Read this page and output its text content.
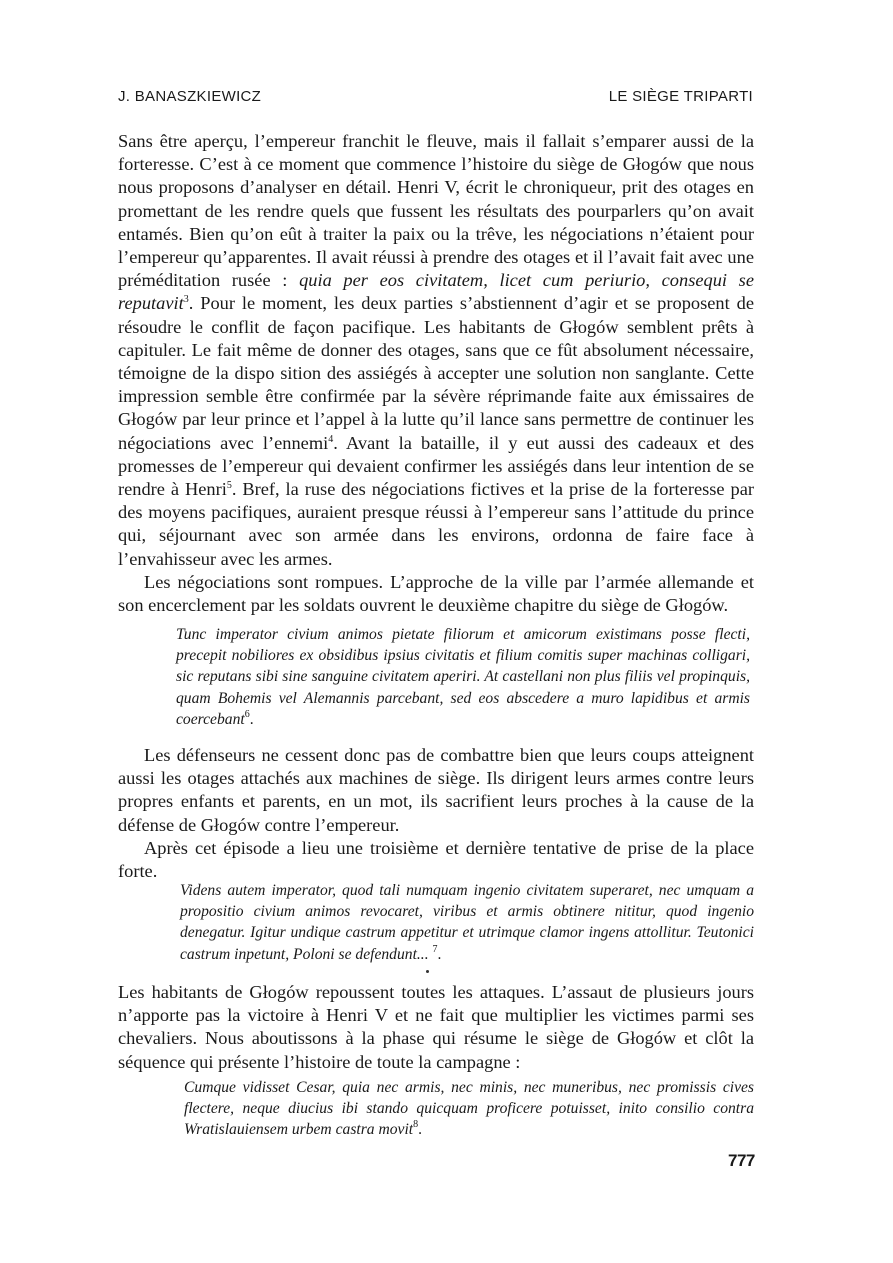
J. BANASZKIEWICZ	LE SIÈGE TRIPARTI

Sans être aperçu, l’empereur franchit le fleuve, mais il fallait s’emparer aussi de la forteresse. C’est à ce moment que commence l’histoire du siège de Głogów que nous nous proposons d’analyser en détail. Henri V, écrit le chroniqueur, prit des otages en promettant de les rendre quels que fussent les résultats des pourparlers qu’on avait entamés. Bien qu’on eût à traiter la paix ou la trêve, les négociations n’étaient pour l’empereur qu’apparentes. Il avait réussi à prendre des otages et il l’avait fait avec une préméditation rusée : quia per eos civitatem, licet cum periurio, consequi se reputavit$^3$. Pour le moment, les deux parties s’abstiennent d’agir et se proposent de résoudre le conflit de façon pacifique. Les habitants de Głogów semblent prêts à capituler. Le fait même de donner des otages, sans que ce fût absolument nécessaire, témoigne de la dispo sition des assiégés à accepter une solution non sanglante. Cette impression semble être confirmée par la sévère réprimande faite aux émissaires de Głogów par leur prince et l’appel à la lutte qu’il lance sans permettre de continuer les négociations avec l’ennemi$^4$. Avant la bataille, il y eut aussi des cadeaux et des promesses de l’empereur qui devaient confirmer les assiégés dans leur intention de se rendre à Henri$^5$. Bref, la ruse des négociations fictives et la prise de la forteresse par des moyens pacifiques, auraient presque réussi à l’empereur sans l’attitude du prince qui, séjournant avec son armée dans les environs, ordonna de faire face à l’envahisseur avec les armes.

Les négociations sont rompues. L’approche de la ville par l’armée allemande et son encerclement par les soldats ouvrent le deuxième chapitre du siège de Głogów.

Tunc imperator civium animos pietate filiorum et amicorum existimans posse flecti, precepit nobiliores ex obsidibus ipsius civitatis et filium comitis super machinas colligari, sic reputans sibi sine sanguine civitatem aperiri. At castellani non plus filiis vel propinquis, quam Bohemis vel Alemannis parcebant, sed eos abscedere a muro lapidibus et armis coercebant$^6$.

Les défenseurs ne cessent donc pas de combattre bien que leurs coups atteignent aussi les otages attachés aux machines de siège. Ils dirigent leurs armes contre leurs propres enfants et parents, en un mot, ils sacrifient leurs proches à la cause de la défense de Głogów contre l’empereur.

Après cet épisode a lieu une troisième et dernière tentative de prise de la place forte.

Videns autem imperator, quod tali numquam ingenio civitatem superaret, nec umquam a propositio civium animos revocaret, viribus et armis obtinere nititur, quod ingenio denegatur. Igitur undique castrum appetitur et utrimque clamor ingens attollitur. Teutonici castrum inpetunt, Poloni se defendunt... $^7$.

Les habitants de Głogów repoussent toutes les attaques. L’assaut de plusieurs jours n’apporte pas la victoire à Henri V et ne fait que multiplier les victimes parmi ses chevaliers. Nous aboutissons à la phase qui résume le siège de Głogów et clôt la séquence qui présente l’histoire de toute la campagne :

Cumque vidisset Cesar, quia nec armis, nec minis, nec muneribus, nec promissis cives flectere, neque diucius ibi stando quicquam proficere potuisset, inito consilio contra Wratislauiensem urbem castra movit$^8$.
777
